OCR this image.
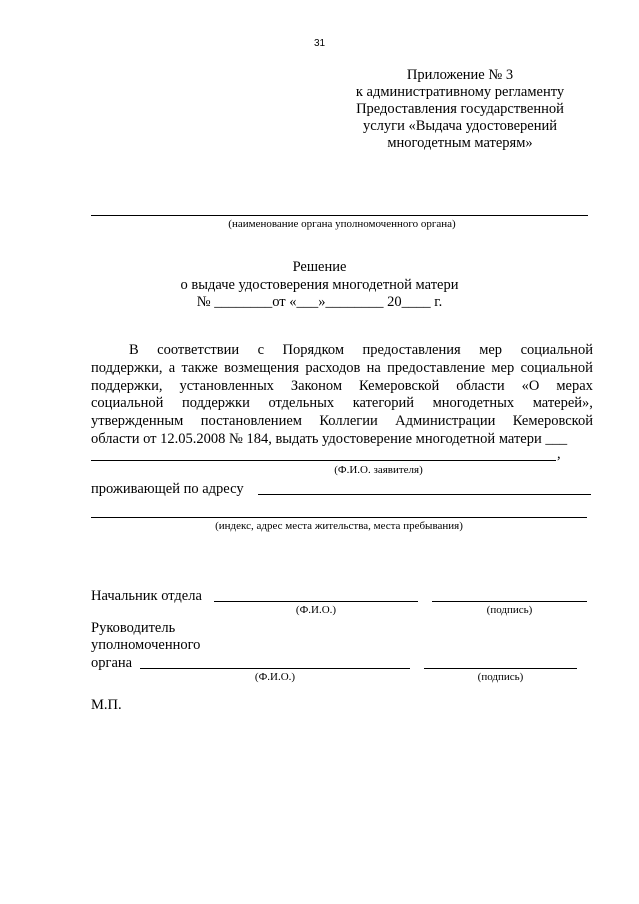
31
Приложение № 3
к административному регламенту
Предоставления государственной
услуги «Выдача удостоверений
многодетным матерям»
(наименование органа уполномоченного органа)
Решение
о выдаче удостоверения многодетной матери
№ ________от «___»________ 20____ г.
В соответствии с Порядком предоставления мер социальной
поддержки, а также возмещения расходов на предоставление мер социальной
поддержки, установленных Законом Кемеровской области «О мерах
социальной поддержки отдельных категорий многодетных матерей»,
утвержденным постановлением Коллегии Администрации Кемеровской
области от 12.05.2008 № 184, выдать удостоверение многодетной матери ___
,
(Ф.И.О. заявителя)
проживающей по адресу
(индекс, адрес места жительства, места пребывания)
Начальник отдела
(Ф.И.О.)	(подпись)
Руководитель
уполномоченного
органа
(Ф.И.О.)	(подпись)
М.П.
